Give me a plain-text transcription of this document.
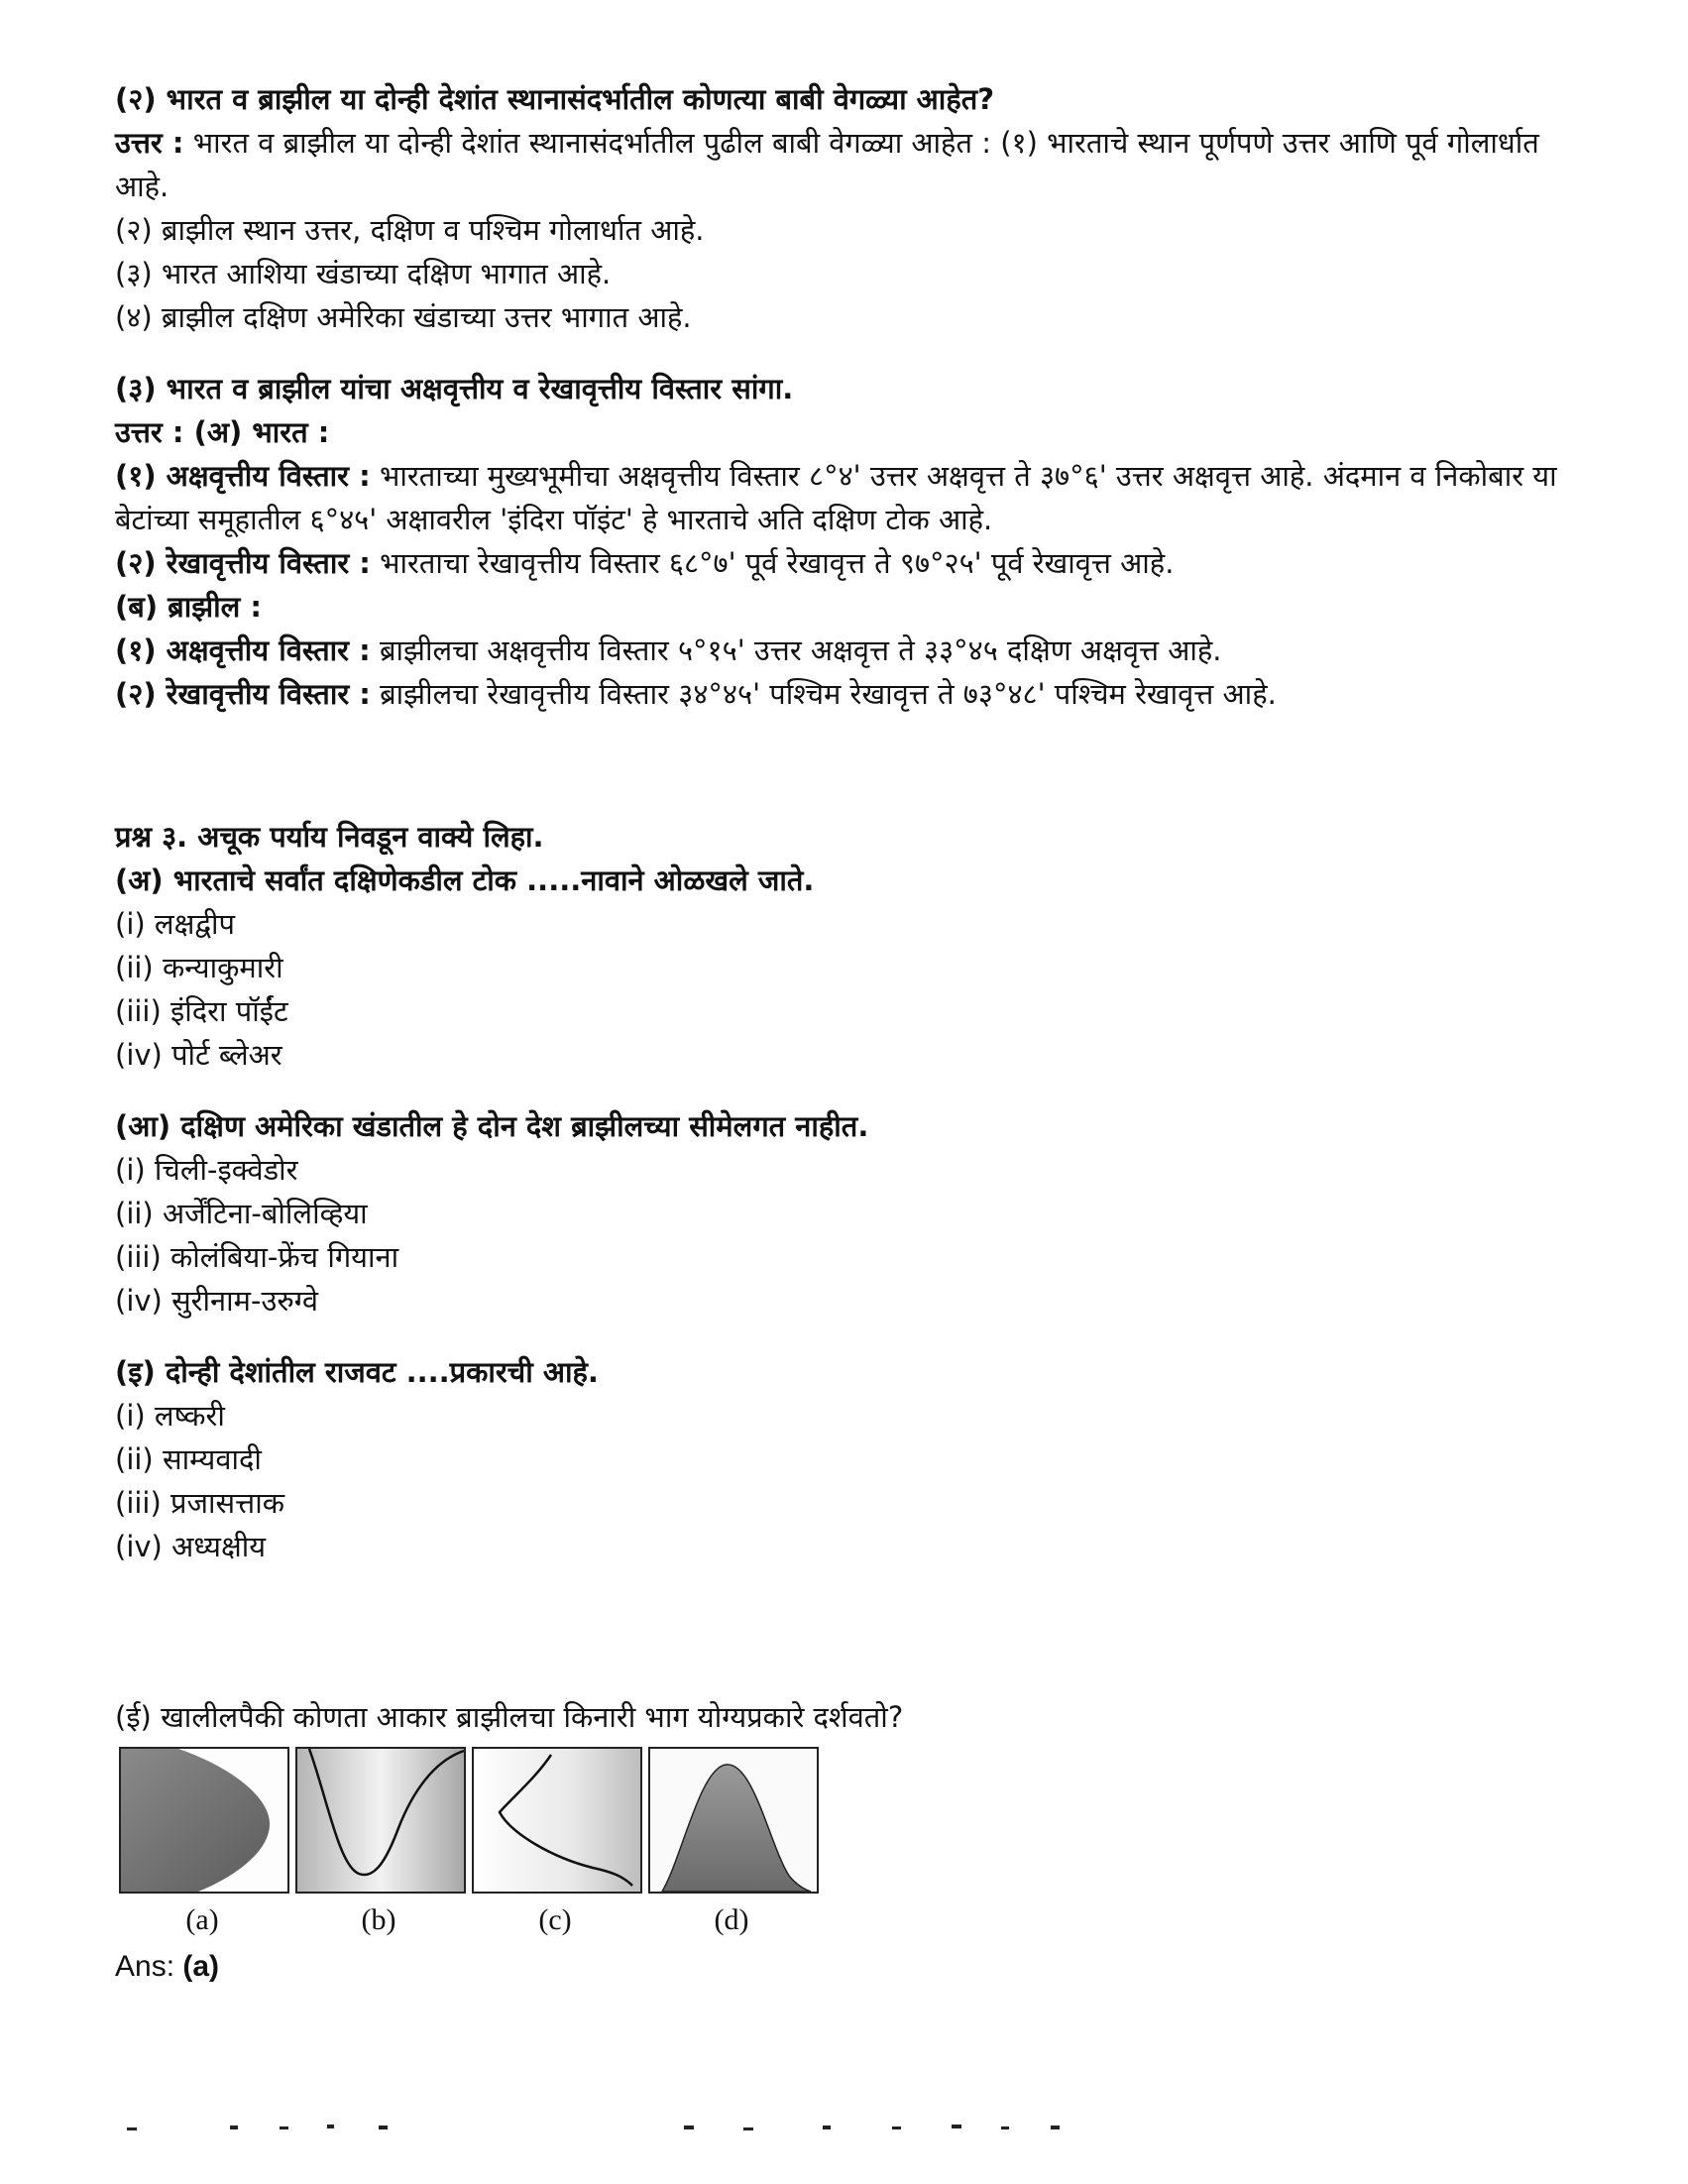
(२) भारत व ब्राझील या दोन्ही देशांत स्थानासंदर्भातील कोणत्या बाबी वेगळ्या आहेत?
उत्तर : भारत व ब्राझील या दोन्ही देशांत स्थानासंदर्भातील पुढील बाबी वेगळ्या आहेत : (१) भारताचे स्थान पूर्णपणे उत्तर आणि पूर्व गोलार्धात आहे.
(२) ब्राझील स्थान उत्तर, दक्षिण व पश्चिम गोलार्धात आहे.
(३) भारत आशिया खंडाच्या दक्षिण भागात आहे.
(४) ब्राझील दक्षिण अमेरिका खंडाच्या उत्तर भागात आहे.
(३) भारत व ब्राझील यांचा अक्षवृत्तीय व रेखावृत्तीय विस्तार सांगा.
उत्तर : (अ) भारत :
(१) अक्षवृत्तीय विस्तार : भारताच्या मुख्यभूमीचा अक्षवृत्तीय विस्तार ८°४' उत्तर अक्षवृत्त ते ३७°६' उत्तर अक्षवृत्त आहे. अंदमान व निकोबार या बेटांच्या समूहातील ६°४५' अक्षावरील 'इंदिरा पॉइंट' हे भारताचे अति दक्षिण टोक आहे.
(२) रेखावृत्तीय विस्तार : भारताचा रेखावृत्तीय विस्तार ६८°७' पूर्व रेखावृत्त ते ९७°२५' पूर्व रेखावृत्त आहे.
(ब) ब्राझील :
(१) अक्षवृत्तीय विस्तार : ब्राझीलचा अक्षवृत्तीय विस्तार ५°१५' उत्तर अक्षवृत्त ते ३३°४५ दक्षिण अक्षवृत्त आहे.
(२) रेखावृत्तीय विस्तार : ब्राझीलचा रेखावृत्तीय विस्तार ३४°४५' पश्चिम रेखावृत्त ते ७३°४८' पश्चिम रेखावृत्त आहे.
प्रश्न ३. अचूक पर्याय निवडून वाक्ये लिहा.
(अ) भारताचे सर्वांत दक्षिणेकडील टोक .....नावाने ओळखले जाते.
(i) लक्षद्वीप
(ii) कन्याकुमारी
(iii) इंदिरा पॉईंट
(iv) पोर्ट ब्लेअर
(आ) दक्षिण अमेरिका खंडातील हे दोन देश ब्राझीलच्या सीमेलगत नाहीत.
(i) चिली-इक्वेडोर
(ii) अर्जेंटिना-बोलिव्हिया
(iii) कोलंबिया-फ्रेंच गियाना
(iv) सुरीनाम-उरुग्वे
(इ) दोन्ही देशांतील राजवट ....प्रकारची आहे.
(i) लष्करी
(ii) साम्यवादी
(iii) प्रजासत्ताक
(iv) अध्यक्षीय
(ई) खालीलपैकी कोणता आकार ब्राझीलचा किनारी भाग योग्यप्रकारे दर्शवतो?
(a)	(b)	(c)	(d)
Ans: (a)
